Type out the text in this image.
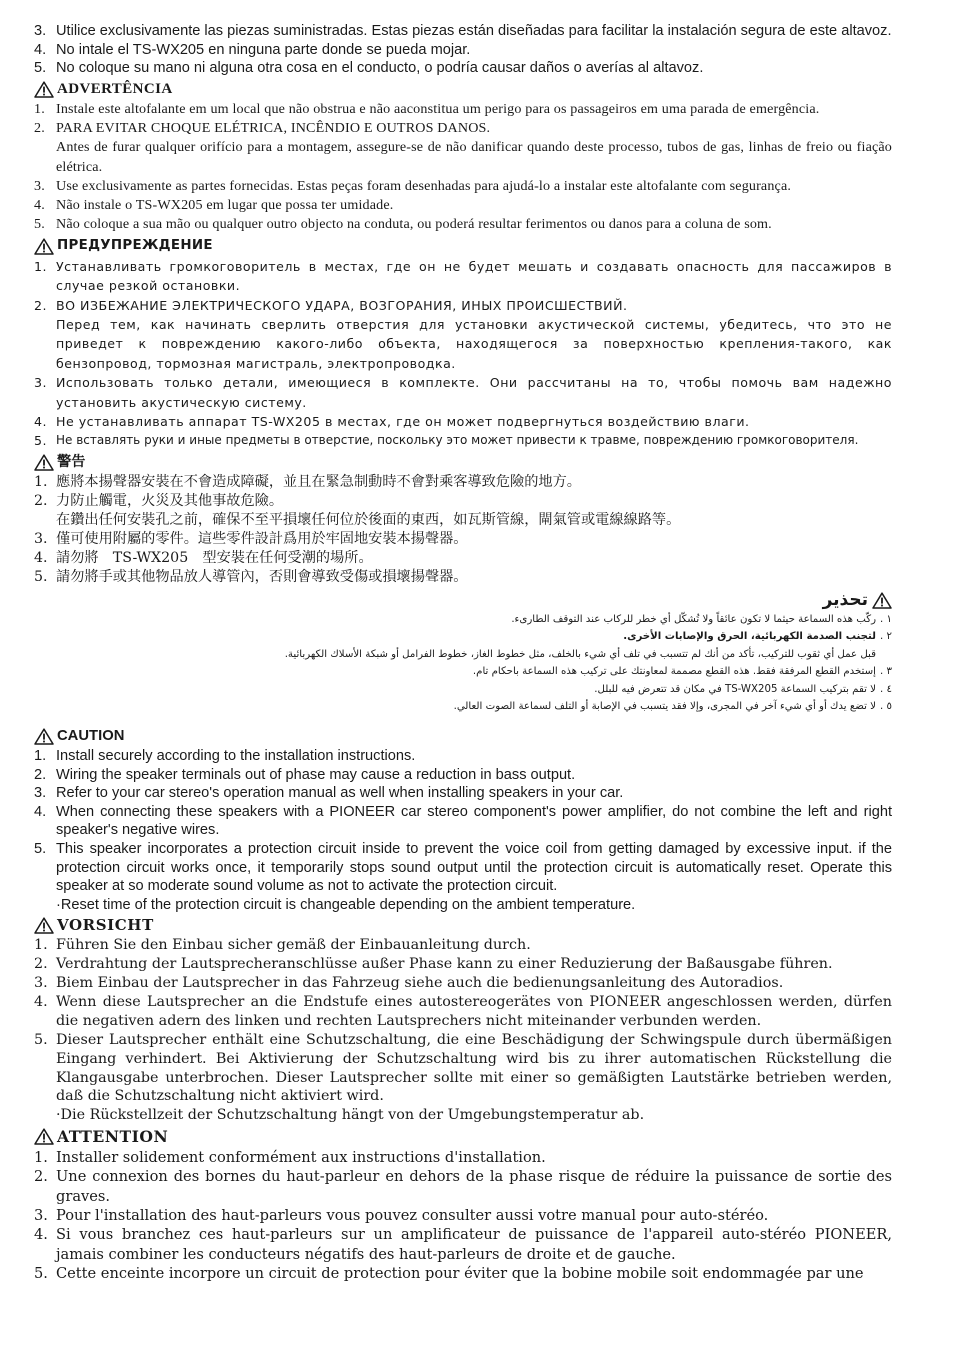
3. Utilice exclusivamente las piezas suministradas. Estas piezas están diseñadas para facilitar la instalación segura de este altavoz.
4. No intale el TS-WX205 en ninguna parte donde se pueda mojar.
5. No coloque su mano ni alguna otra cosa en el conducto, o podría causar daños o averías al altavoz.
ADVERTÊNCIA
1. Instale este altofalante em um local que não obstrua e não aaconstitua um perigo para os passageiros em uma parada de emergência.
2. PARA EVITAR CHOQUE ELÉTRICA, INCÊNDIO E OUTROS DANOS.
Antes de furar qualquer orifício para a montagem, assegure-se de não danificar quando deste processo, tubos de gas, linhas de freio ou fiação elétrica.
3. Use exclusivamente as partes fornecidas. Estas peças foram desenhadas para ajudá-lo a instalar este altofalante com segurança.
4. Não instale o TS-WX205 em lugar que possa ter umidade.
5. Não coloque a sua mão ou qualquer outro objecto na conduta, ou poderá resultar ferimentos ou danos para a coluna de som.
ПРЕДУПРЕЖДЕНИЕ
1. Устанавливать громкоговоритель в местах, где он не будет мешать и создавать опасность для пассажиров в случае резкой остановки.
2. ВО ИЗБЕЖАНИЕ ЭЛЕКТРИЧЕСКОГО УДАРА, ВОЗГОРАНИЯ, ИНЫХ ПРОИСШЕСТВИЙ.
Перед тем, как начинать сверлить отверстия для установки акустической системы, убедитесь, что это не приведет к повреждению какого-либо объекта, находящегося за поверхностью крепления-такого, как бензопровод, тормозная магистраль, электропроводка.
3. Использовать только детали, имеющиеся в комплекте. Они рассчитаны на то, чтобы помочь вам надежно установить акустическую систему.
4. Не устанавливать аппарат TS-WX205 в местах, где он может подвергнуться воздействию влаги.
5. Не вставлять руки и иные предметы в отверстие, поскольку это может привести к травме, повреждению громкоговорителя.
警告
1. 應將本揚聲器安裝在不會造成障礙，並且在緊急制動時不會對乘客導致危險的地方。
2. 力防止觸電，火災及其他事故危險。
在鑽出任何安裝孔之前，確保不至平損壞任何位於後面的東西，如瓦斯管線，閘氣管或電線線路等。
3. 僅可使用附屬的零件。這些零件設計爲用於牢固地安裝本揚聲器。
4. 請勿將　TS-WX205　型安裝在任何受潮的場所。
5. 請勿將手或其他物品放人導管內，否則會導致受傷或損壞揚聲器。
تحذير
١ .
ركّب هذه السماعة حيثما لا تكون عائقاً ولا تُشكّل أي خطر للركاب عند التوقف الطارىء.
٢ .
لتجنب الصدمة الكهربائية، الحرق والإصابات الأخرى.
قبل عمل أي ثقوب للتركيب، تأكد من أنك لم تتسبب في تلف أي شيء بالخلف، مثل خطوط الغاز، خطوط الفرامل أو شبكة الأسلاك الكهربائية.
٣ .
إستخدم القطع المرفقة فقط. هذه القطع مصممة لمعاونتك على تركيب هذه السماعة باحكام تام.
٤ .
لا تقم بتركيب السماعة TS-WX205 في مكان قد تتعرض فيه للبلل.
٥ .
لا تضع يدك أو أي شيء آخر في المجرى، وإلا فقد يتسبب في الإصابة أو التلف لسماعة الصوت العالي.
CAUTION
1. Install securely according to the installation instructions.
2. Wiring the speaker terminals out of phase may cause a reduction in bass output.
3. Refer to your car stereo's operation manual as well when installing speakers in your car.
4. When connecting these speakers with a PIONEER car stereo component's power amplifier, do not combine the left and right speaker's negative wires.
5. This speaker incorporates a protection circuit inside to prevent the voice coil from getting damaged by excessive input. if the protection circuit works once, it temporarily stops sound output until the protection circuit is automatically reset. Operate this speaker at so moderate sound volume as not to activate the protection circuit.
·Reset time of the protection circuit is changeable depending on the ambient temperature.
VORSICHT
1. Führen Sie den Einbau sicher gemäß der Einbauanleitung durch.
2. Verdrahtung der Lautsprecheranschlüsse außer Phase kann zu einer Reduzierung der Baßausgabe führen.
3. Biem Einbau der Lautsprecher in das Fahrzeug siehe auch die bedienungsanleitung des Autoradios.
4. Wenn diese Lautsprecher an die Endstufe eines autostereogerätes von PIONEER angeschlossen werden, dürfen die negativen adern des linken und rechten Lautsprechers nicht miteinander verbunden werden.
5. Dieser Lautsprecher enthält eine Schutzschaltung, die eine Beschädigung der Schwingspule durch übermäßigen Eingang verhindert. Bei Aktivierung der Schutzschaltung wird bis zu ihrer automatischen Rückstellung die Klangausgabe unterbrochen. Dieser Lautsprecher sollte mit einer so gemäßigten Lautstärke betrieben werden, daß die Schutzschaltung nicht aktiviert wird.
·Die Rückstellzeit der Schutzschaltung hängt von der Umgebungstemperatur ab.
ATTENTION
1. Installer solidement conformément aux instructions d'installation.
2. Une connexion des bornes du haut-parleur en dehors de la phase risque de réduire la puissance de sortie des graves.
3. Pour l'installation des haut-parleurs vous pouvez consulter aussi votre manual pour auto-stéréo.
4. Si vous branchez ces haut-parleurs sur un amplificateur de puissance de l'appareil auto-stéréo PIONEER, jamais combiner les conducteurs négatifs des haut-parleurs de droite et de gauche.
5. Cette enceinte incorpore un circuit de protection pour éviter que la bobine mobile soit endommagée par une
